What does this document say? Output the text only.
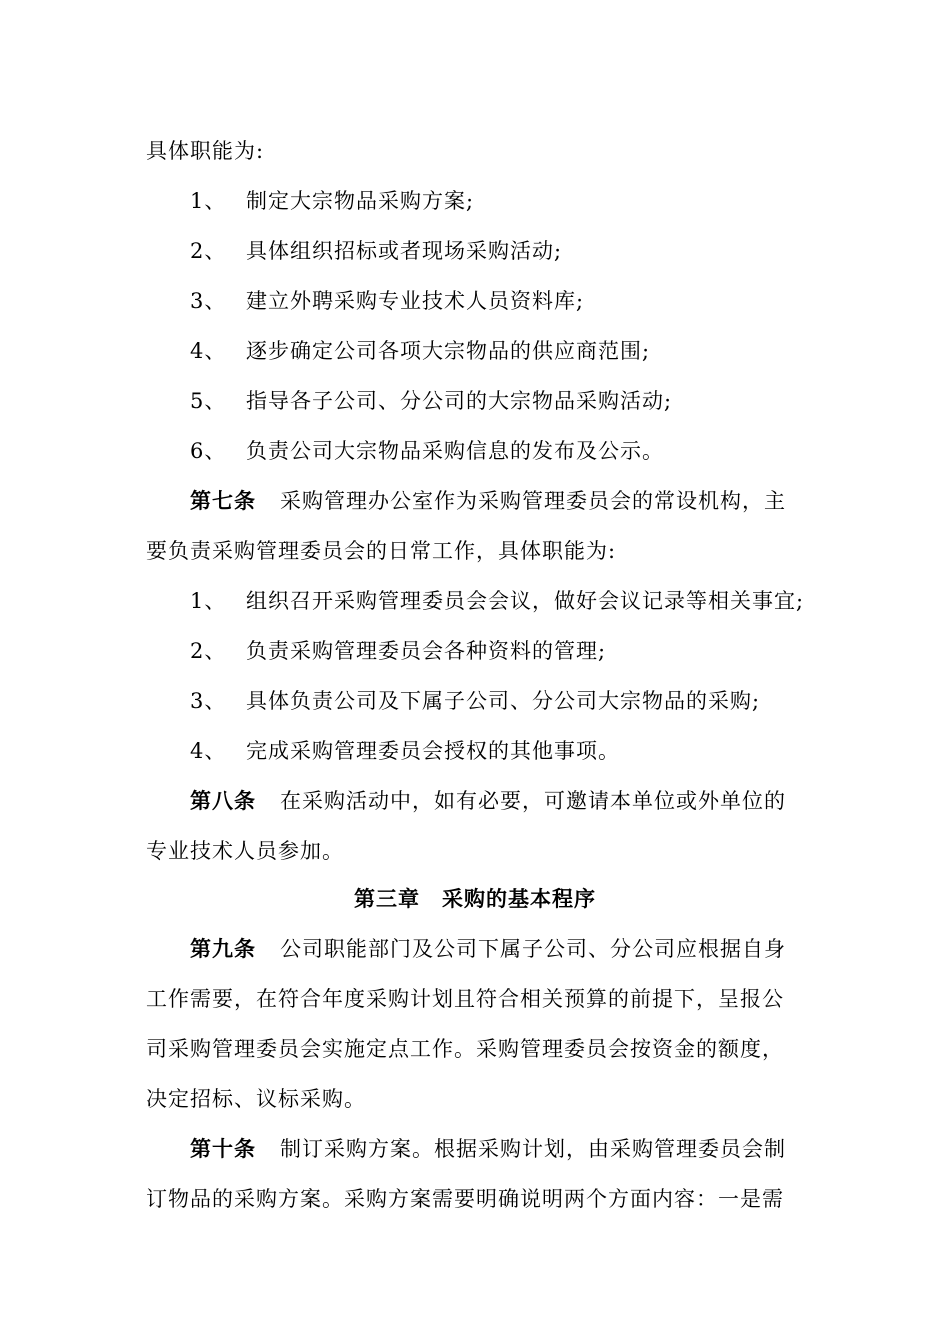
具体职能为:
1、 制定大宗物品采购方案;
2、 具体组织招标或者现场采购活动;
3、 建立外聘采购专业技术人员资料库;
4、 逐步确定公司各项大宗物品的供应商范围;
5、 指导各子公司、分公司的大宗物品采购活动;
6、 负责公司大宗物品采购信息的发布及公示。
第七条 采购管理办公室作为采购管理委员会的常设机构，主
要负责采购管理委员会的日常工作，具体职能为:
1、 组织召开采购管理委员会会议，做好会议记录等相关事宜;
2、 负责采购管理委员会各种资料的管理;
3、 具体负责公司及下属子公司、分公司大宗物品的采购;
4、 完成采购管理委员会授权的其他事项。
第八条 在采购活动中，如有必要，可邀请本单位或外单位的
专业技术人员参加。
第三章　采购的基本程序
第九条 公司职能部门及公司下属子公司、分公司应根据自身
工作需要，在符合年度采购计划且符合相关预算的前提下，呈报公
司采购管理委员会实施定点工作。采购管理委员会按资金的额度，
决定招标、议标采购。
第十条 制订采购方案。根据采购计划，由采购管理委员会制
订物品的采购方案。采购方案需要明确说明两个方面内容：一是需
